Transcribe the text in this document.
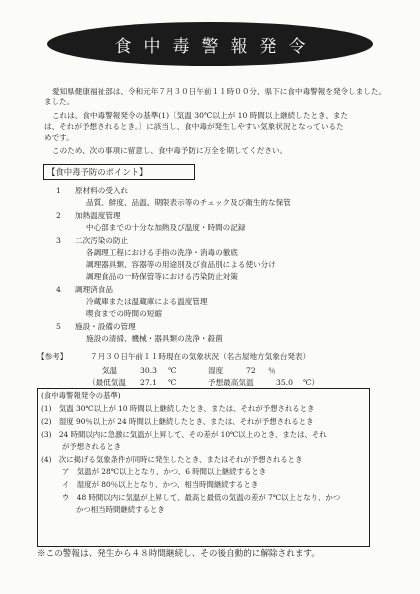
食中毒警報発令
愛知県健康福祉部は、令和元年７月３０日午前１１時００分、県下に食中毒警報を発令しました。
ました。
これは、食中毒警報発令の基準(1)〔気温 30℃以上が 10 時間以上継続したとき、また
は、それが予想されるとき。〕に該当し、食中毒が発生しやすい気象状況となっているた
めです。
このため、次の事項に留意し、食中毒予防に万全を期してください。
【食中毒予防のポイント】
1 原材料の受入れ
品質、鮮度、品温、期限表示等のチェック及び衛生的な保管
2 加熱温度管理
中心部までの十分な加熱及び温度・時間の記録
3 二次汚染の防止
各調理工程における手指の洗浄・消毒の徹底
調理器具類、容器等の用途別及び食品別による使い分け
調理食品の一時保管等における汚染防止対策
4 調理済食品
冷蔵庫または温蔵庫による温度管理
喫食までの時間の短縮
5 施設・設備の管理
施設の清掃、機械・器具類の洗浄・殺菌
【参考】	７月３０日午前１１時現在の気象状況（名古屋地方気象台発表）
気温	30.3 ℃	湿度	72 ％
（最低気温 27.1 ℃	予想最高気温	35.0 ℃）
(食中毒警報発令の基準)
(1)　気温 30℃以上が 10 時間以上継続したとき、または、それが予想されるとき
(2)　湿度 90％以上が 24 時間以上継続したとき、または、それが予想されるとき
(3)　24 時間以内に急激に気温が上昇して、その差が 10℃以上のとき、または、それ
が予想されるとき
(4)　次に掲げる気象条件が同時に発生したとき、またはそれが予想されるとき
ア　気温が 28℃以上となり、かつ、6 時間以上継続するとき
イ　湿度が 80％以上となり、かつ、相当時間継続するとき
ウ　48 時間以内に気温が上昇して、最高と最低の気温の差が 7℃以上となり、かつ
かつ相当時間継続するとき
※この警報は、発生から４８時間継続し、その後自動的に解除されます。
